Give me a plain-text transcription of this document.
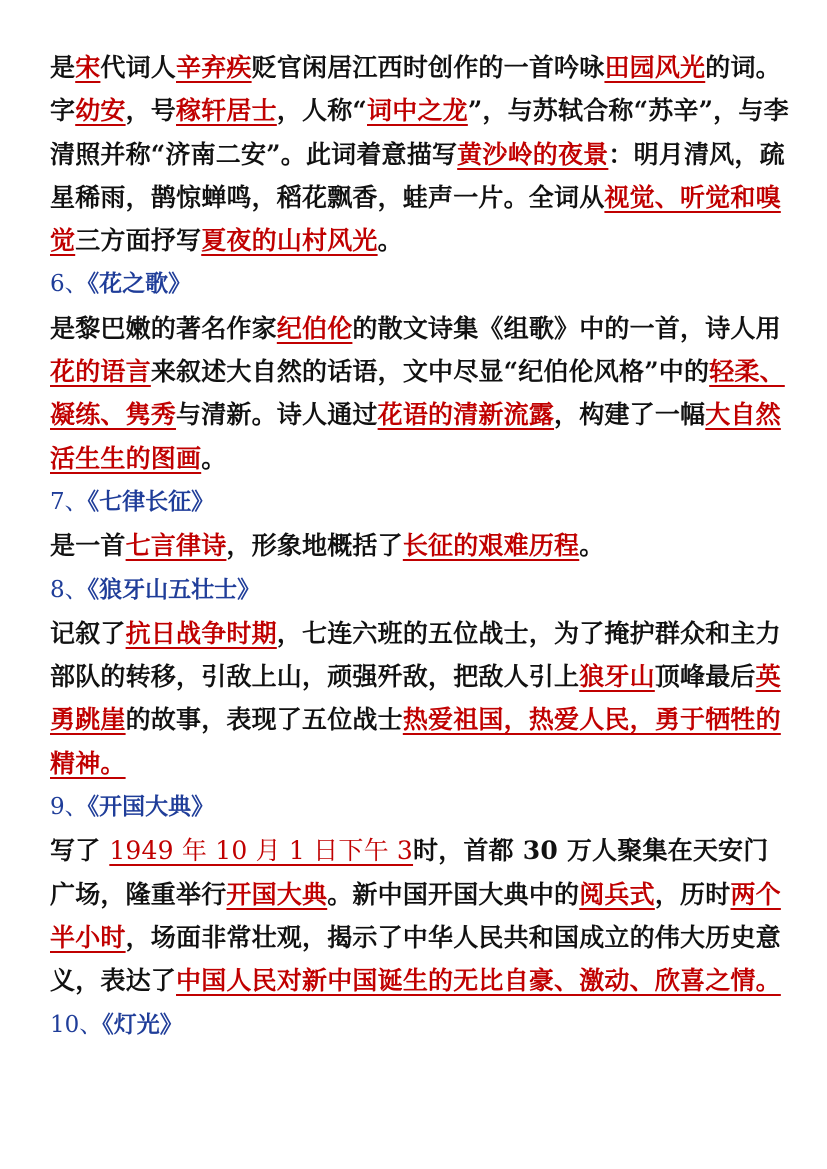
是宋代词人辛弃疾贬官闲居江西时创作的一首吟咏田园风光的词。字幼安，号稼轩居士，人称“词中之龙”，与苏轼合称“苏辛”，与李清照并称“济南二安”。此词着意描写黄沙岭的夜景：明月清风，疏星稀雨，鹊惊蝉鸣，稻花飘香，蛙声一片。全词从视觉、听觉和嗅觉三方面抒写夏夜的山村风光。

6、《花之歌》

是黎巴嫩的著名作家纪伯伦的散文诗集《组歌》中的一首，诗人用花的语言来叙述大自然的话语，文中尽显“纪伯伦风格”中的轻柔、凝练、隽秀与清新。诗人通过花语的清新流露，构建了一幅大自然活生生的图画。

7、《七律长征》

是一首七言律诗，形象地概括了长征的艰难历程。

8、《狼牙山五壮士》

记叙了抗日战争时期，七连六班的五位战士，为了掩护群众和主力部队的转移，引敌上山，顽强歼敌，把敌人引上狼牙山顶峰最后英勇跳崖的故事，表现了五位战士热爱祖国，热爱人民，勇于牺牲的精神。

9、《开国大典》

写了 1949 年 10 月 1 日下午 3时，首都 30 万人聚集在天安门广场，隆重举行开国大典。新中国开国大典中的阅兵式，历时两个半小时，场面非常壮观，揭示了中华人民共和国成立的伟大历史意义，表达了中国人民对新中国诞生的无比自豪、激动、欣喜之情。

10、《灯光》
